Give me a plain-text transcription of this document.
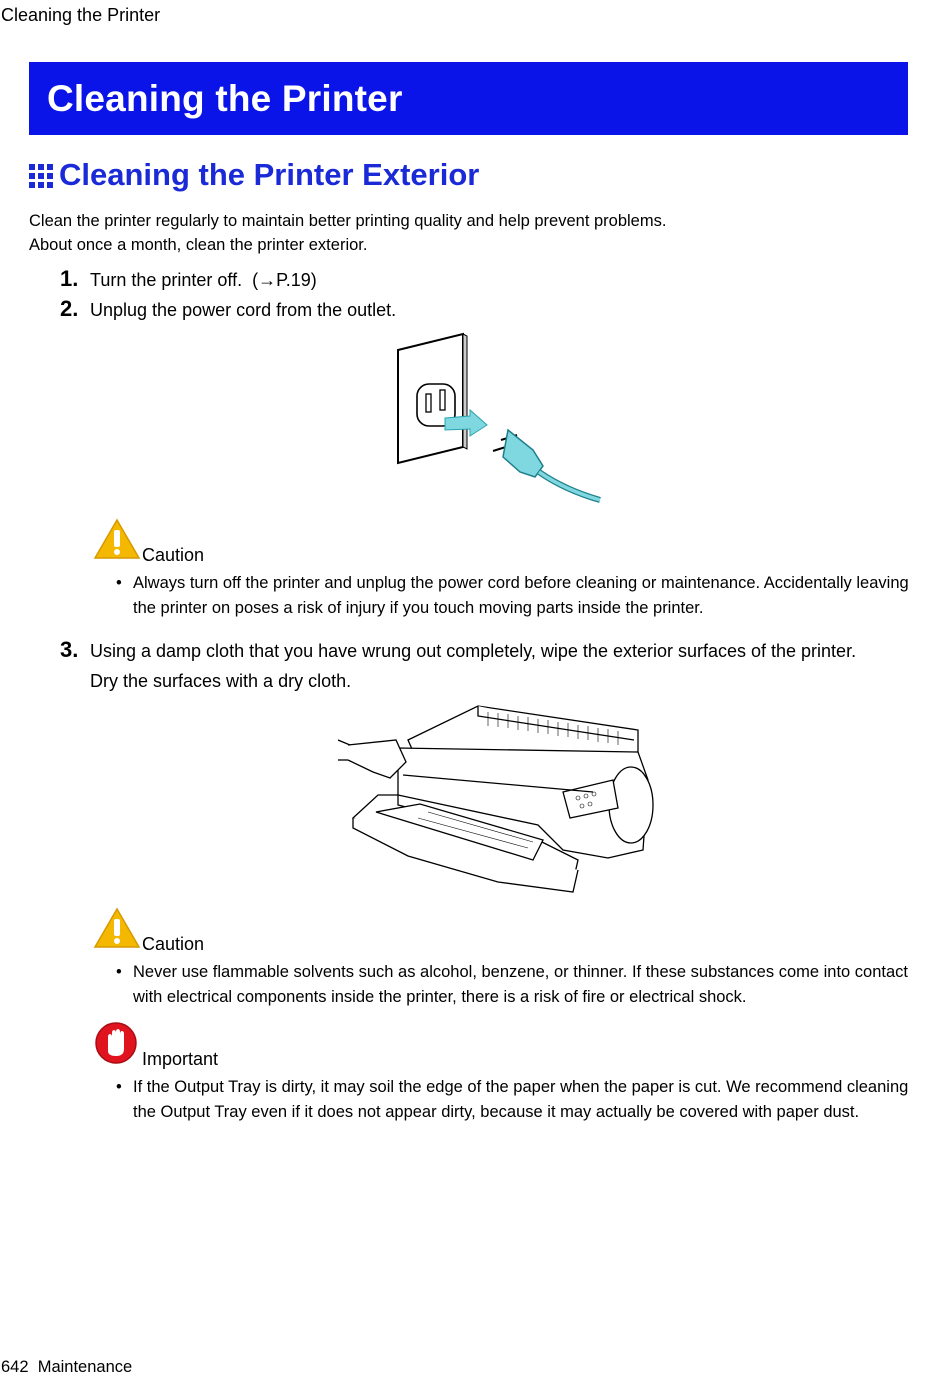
Cleaning the Printer
Cleaning the Printer
Cleaning the Printer Exterior

Clean the printer regularly to maintain better printing quality and help prevent problems.

About once a month, clean the printer exterior.

1. Turn the printer off. (→P.19)
2. Unplug the power cord from the outlet.
Caution
• Always turn off the printer and unplug the power cord before cleaning or maintenance. Accidentally leaving the printer on poses a risk of injury if you touch moving parts inside the printer.
3. Using a damp cloth that you have wrung out completely, wipe the exterior surfaces of the printer.
Dry the surfaces with a dry cloth.
Caution
• Never use flammable solvents such as alcohol, benzene, or thinner. If these substances come into contact with electrical components inside the printer, there is a risk of fire or electrical shock.
Important
• If the Output Tray is dirty, it may soil the edge of the paper when the paper is cut. We recommend cleaning the Output Tray even if it does not appear dirty, because it may actually be covered with paper dust.
642 Maintenance
